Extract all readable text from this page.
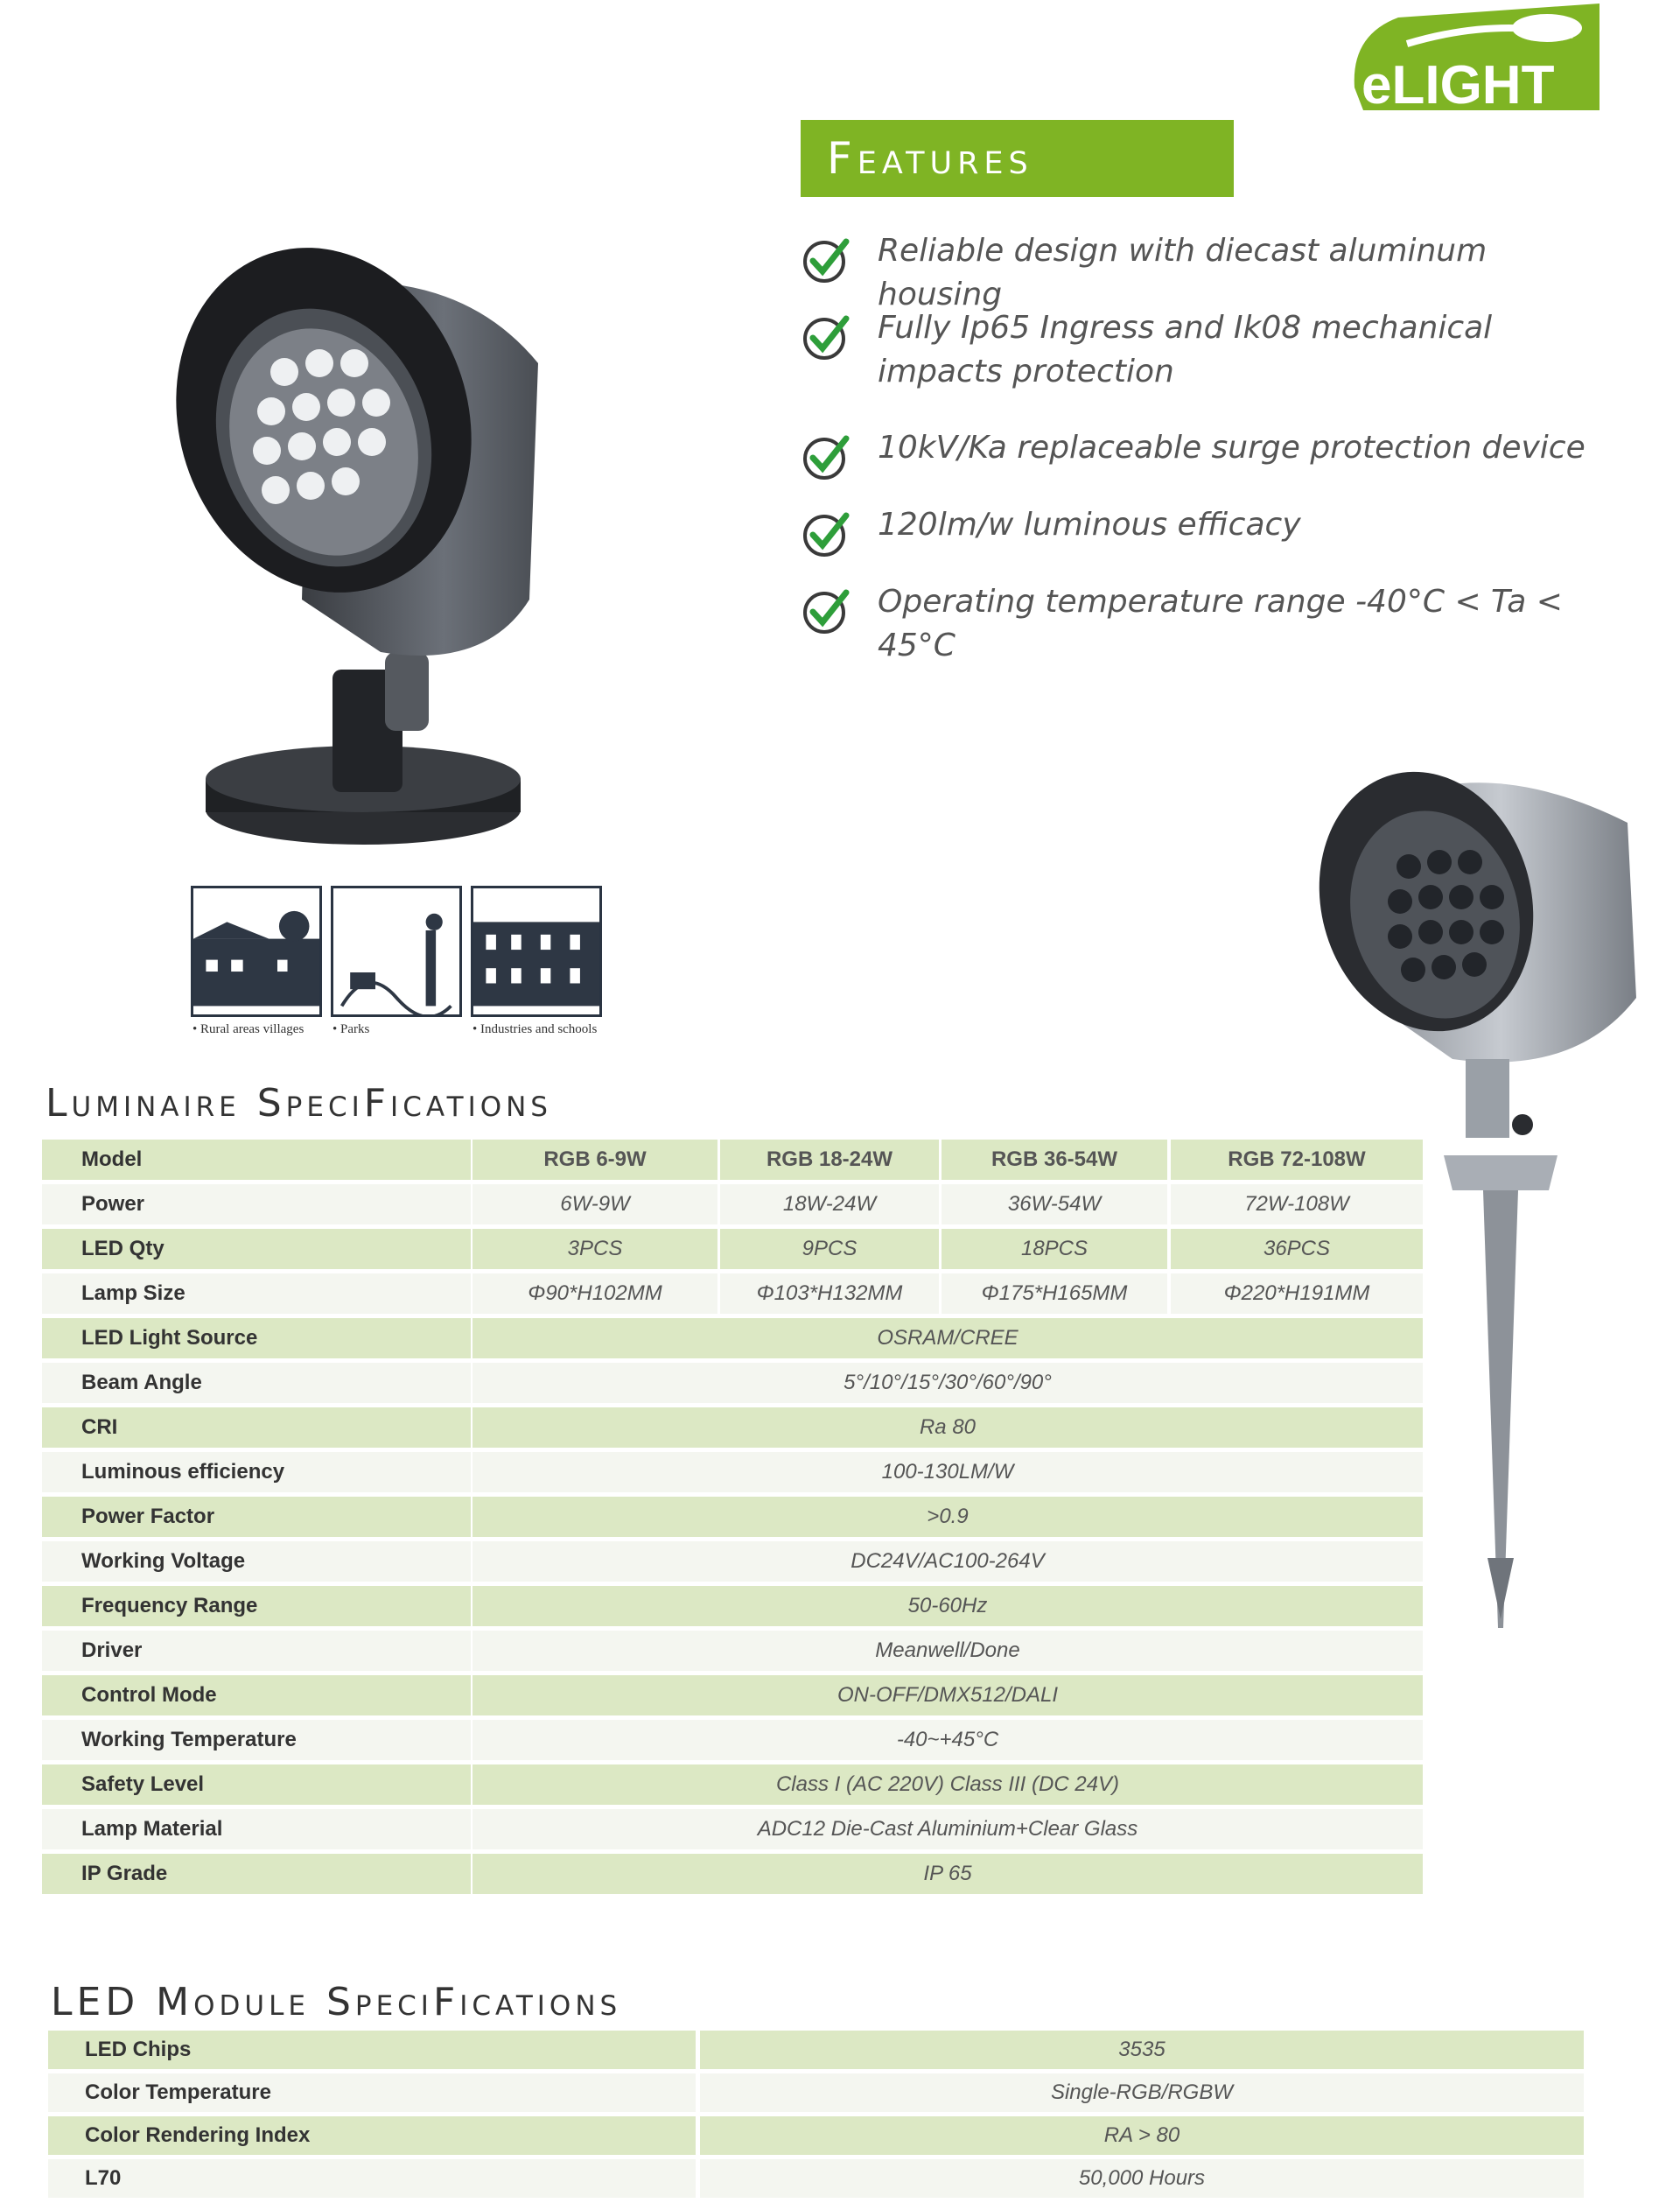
eLIGHT
Features
Reliable design with diecast aluminum housing
Fully Ip65 Ingress and Ik08 mechanical impacts protection
10kV/Ka replaceable surge protection device
120lm/w luminous efficacy
Operating temperature range -40°C < Ta < 45°C
• Rural areas villages • Parks	• Industries and schools
Luminaire SpeciFications
Model	RGB 6-9W	RGB 18-24W	RGB 36-54W	RGB 72-108W
Power	6W-9W	18W-24W	36W-54W	72W-108W
LED Qty	3PCS	9PCS	18PCS	36PCS
Lamp Size	Φ90*H102MM	Φ103*H132MM	Φ175*H165MM	Φ220*H191MM
LED Light Source	OSRAM/CREE
Beam Angle	5°/10°/15°/30°/60°/90°
CRI	Ra 80
Luminous efficiency	100-130LM/W
Power Factor	>0.9
Working Voltage	DC24V/AC100-264V
Frequency Range	50-60Hz
Driver	Meanwell/Done
Control Mode	ON-OFF/DMX512/DALI
Working Temperature	-40~+45°C
Safety Level	Class I (AC 220V) Class III (DC 24V)
Lamp Material	ADC12 Die-Cast Aluminium+Clear Glass
IP Grade	IP 65
LED Module SpeciFications
LED Chips	3535
Color Temperature	Single-RGB/RGBW
Color Rendering Index	RA > 80
L70	50,000 Hours
